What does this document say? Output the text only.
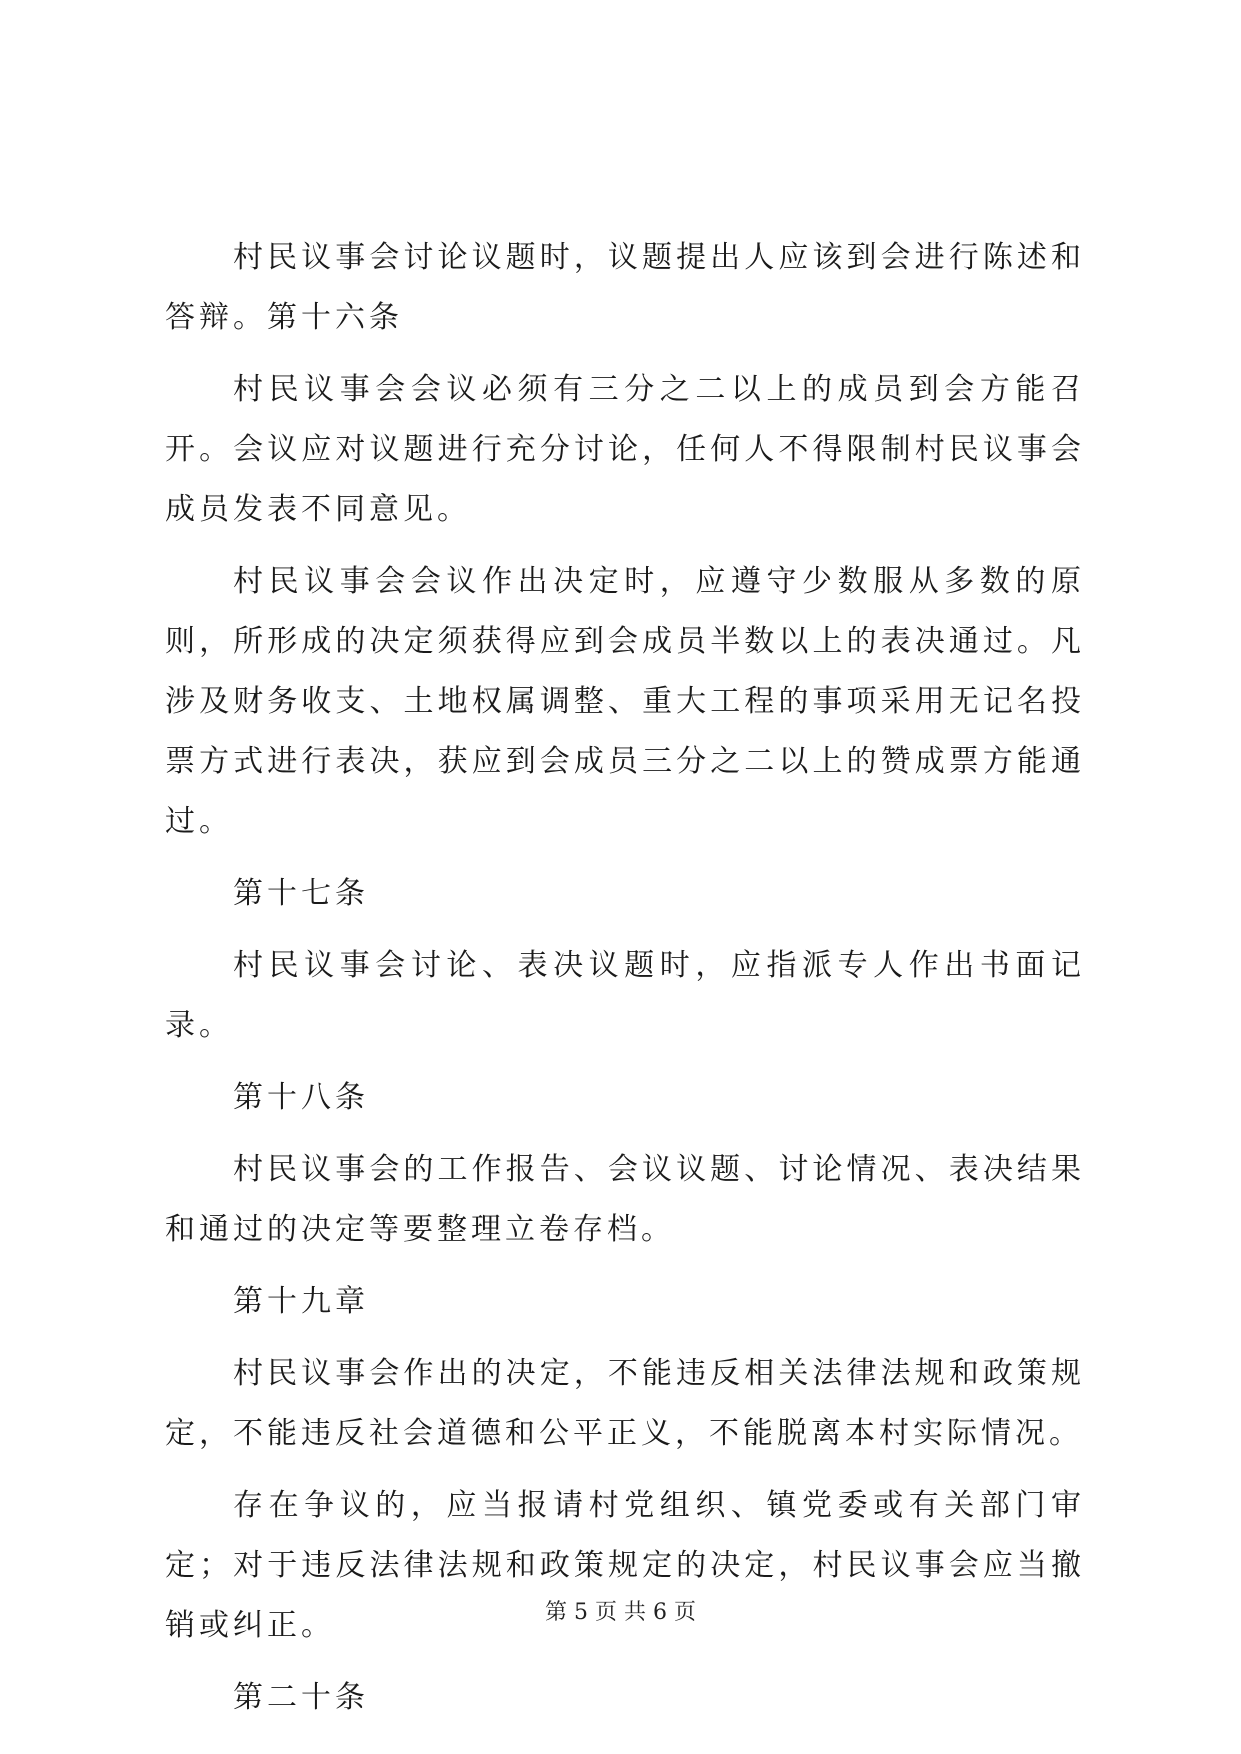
村民议事会讨论议题时，议题提出人应该到会进行陈述和答辩。第十六条

村民议事会会议必须有三分之二以上的成员到会方能召开。会议应对议题进行充分讨论，任何人不得限制村民议事会成员发表不同意见。

村民议事会会议作出决定时，应遵守少数服从多数的原则，所形成的决定须获得应到会成员半数以上的表决通过。凡涉及财务收支、土地权属调整、重大工程的事项采用无记名投票方式进行表决，获应到会成员三分之二以上的赞成票方能通过。

第十七条

村民议事会讨论、表决议题时，应指派专人作出书面记录。

第十八条

村民议事会的工作报告、会议议题、讨论情况、表决结果和通过的决定等要整理立卷存档。

第十九章

村民议事会作出的决定，不能违反相关法律法规和政策规定，不能违反社会道德和公平正义，不能脱离本村实际情况。

存在争议的，应当报请村党组织、镇党委或有关部门审定；对于违反法律法规和政策规定的决定，村民议事会应当撤销或纠正。

第二十条

第 5 页 共 6 页
